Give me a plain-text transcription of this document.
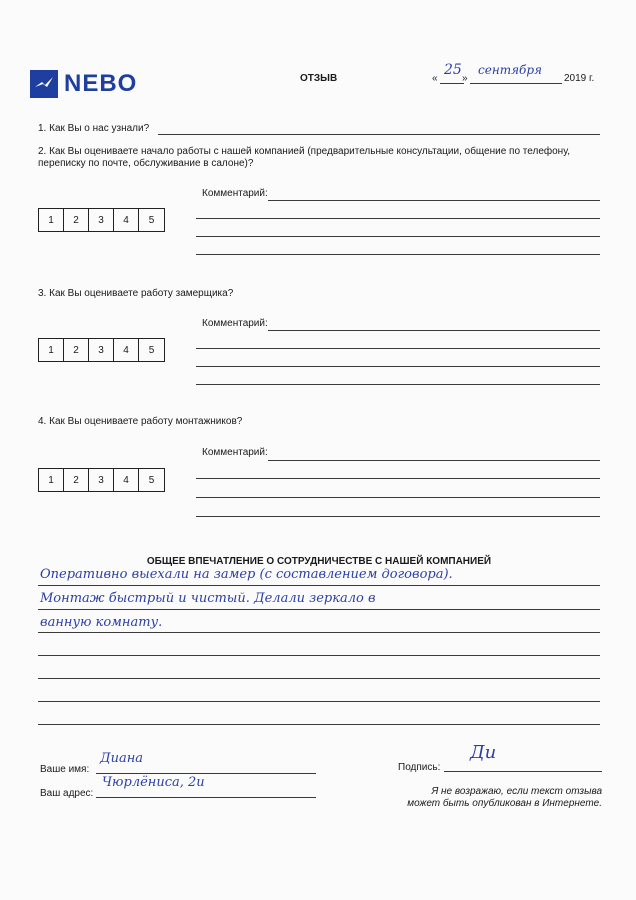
NEBO	ОТЗЫВ	«
25
»
сентября
2019 г.
1. Как Вы о нас узнали?
2. Как Вы оцениваете начало работы с нашей компанией (предварительные консультации, общение по телефону,
переписку по почте, обслуживание в салоне)?
Комментарий:
1	2	3	4	5
3. Как Вы оцениваете работу замерщика?
Комментарий:
1	2	3	4	5
4. Как Вы оцениваете работу монтажников?
Комментарий:
1	2	3	4	5
ОБЩЕЕ ВПЕЧАТЛЕНИЕ О СОТРУДНИЧЕСТВЕ С НАШЕЙ КОМПАНИЕЙ
Оперативно выехали на замер (с составлением договора).
Монтаж быстрый и чистый. Делали зеркало в
ванную комнату.
Ваше имя:
Диана
Ваш адрес:
Чюрлёниса, 2и
Подпись:
Ди
Я не возражаю, если текст отзыва
может быть опубликован в Интернете.
